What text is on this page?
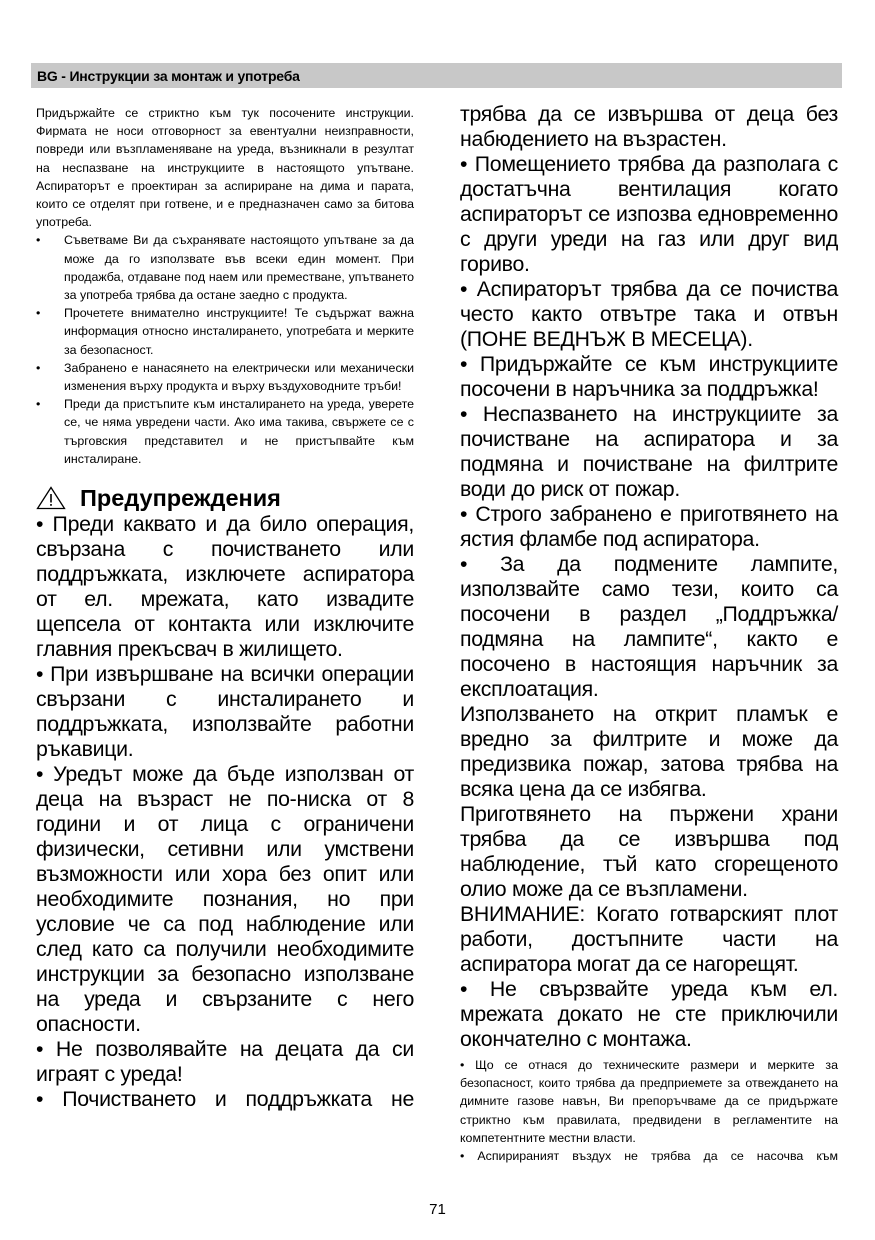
BG - Инструкции за монтаж и употреба

Придържайте се стриктно към тук посочените инструкции. Фирмата не носи отговорност за евентуални неизправности, повреди или възпламеняване на уреда, възникнали в резултат на неспазване на инструкциите в настоящото упътване. Аспираторът е проектиран за аспириране на дима и парата, които се отделят при готвене, и е предназначен само за битова употреба.

• Съветваме Ви да съхранявате настоящото упътване за да може да го използвате във всеки един момент. При продажба, отдаване под наем или преместване, упътването за употреба трябва да остане заедно с продукта.
• Прочетете внимателно инструкциите! Те съдържат важна информация относно инсталирането, употребата и мерките за безопасност.
• Забранено е нанасянето на електрически или механически изменения върху продукта и върху въздуховодните тръби!
• Преди да пристъпите към инсталирането на уреда, уверете се, че няма увредени части. Ако има такива, свържете се с търговския представител и не пристъпвайте към инсталиране.
Предупреждения

• Преди каквато и да било операция, свързана с почистването или поддръжката, изключете аспиратора от ел. мрежата, като извадите щепсела от контакта или изключите главния прекъсвач в жилището.

• При извършване на всички операции свързани с инсталирането и поддръжката, използвайте работни ръкавици.

• Уредът може да бъде използван от деца на възраст не по-ниска от 8 години и от лица с ограничени физически, сетивни или умствени възможности или хора без опит или необходимите познания, но при условие че са под наблюдение или след като са получили необходимите инструкции за безопасно използване на уреда и свързаните с него опасности.

• Не позволявайте на децата да си играят с уреда!

• Почистването и поддръжката не

трябва да се извършва от деца без набюдението на възрастен.

• Помещението трябва да разполага с достатъчна вентилация когато аспираторът се изпозва едновременно с други уреди на газ или друг вид гориво.

• Аспираторът трябва да се почиства често както отвътре така и отвън (ПОНЕ ВЕДНЪЖ В МЕСЕЦА).

• Придържайте се към инструкциите посочени в наръчника за поддръжка!

• Неспазването на инструкциите за почистване на аспиратора и за подмяна и почистване на филтрите води до риск от пожар.

• Строго забранено е приготвянето на ястия фламбе под аспиратора.

• За да подмените лампите, използвайте само тези, които са посочени в раздел „Поддръжка/подмяна на лампите“, както е посочено в настоящия наръчник за експлоатация.

Използването на открит пламък е вредно за филтрите и може да предизвика пожар, затова трябва на всяка цена да се избягва.

Приготвянето на пържени храни трябва да се извършва под наблюдение, тъй като сгорещеното олио може да се възпламени.

ВНИМАНИЕ: Когато готварският плот работи, достъпните части на аспиратора могат да се нагорещят.

• Не свързвайте уреда към ел. мрежата докато не сте приключили окончателно с монтажа.

• Що се отнася до техническите размери и мерките за безопасност, които трябва да предприемете за отвеждането на димните газове навън, Ви препоръчваме да се придържате стриктно към правилата, предвидени в регламентите на компетентните местни власти.

• Аспирираният въздух не трябва да се насочва към

71
